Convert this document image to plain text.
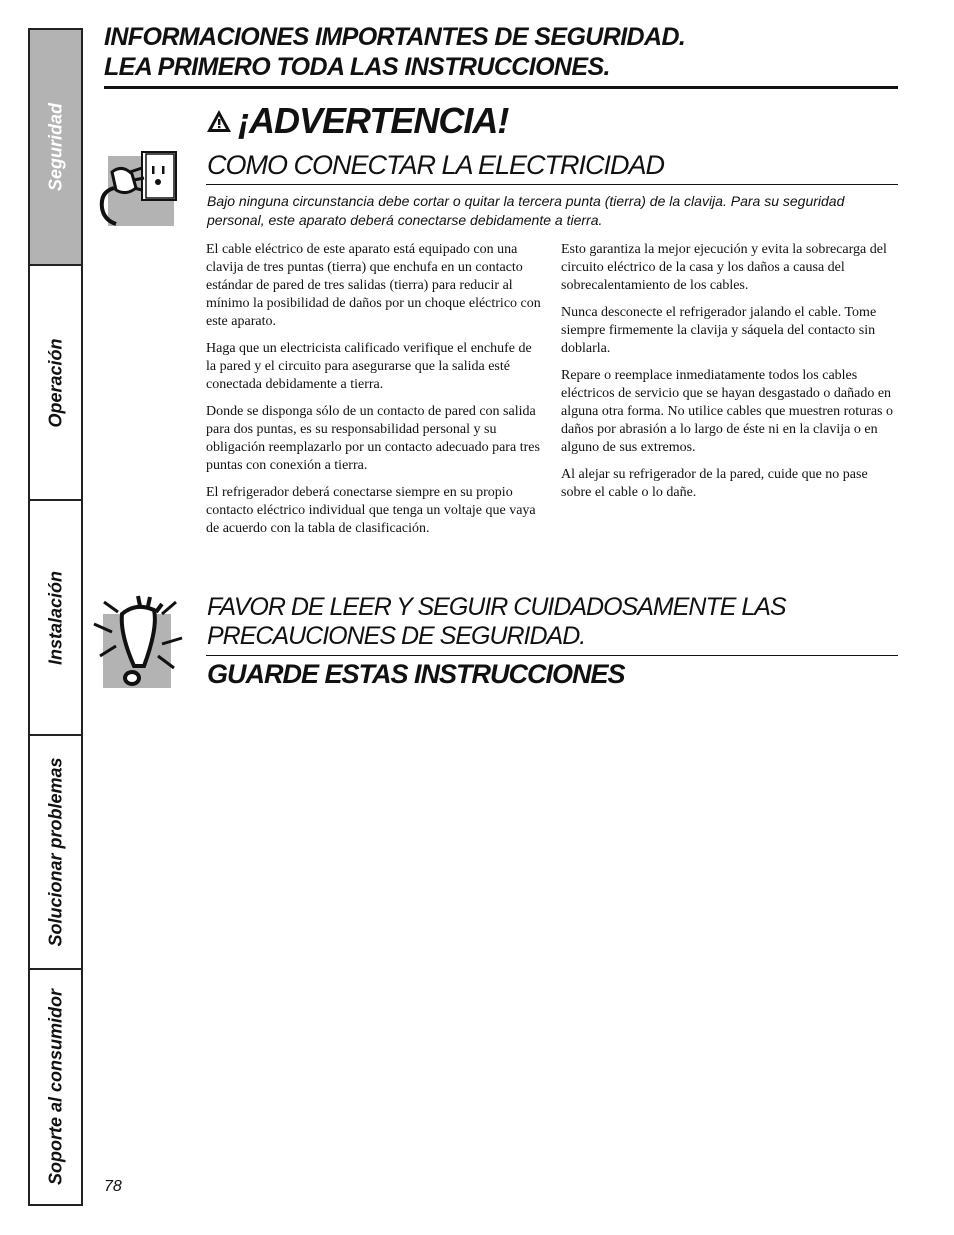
Seguridad
Operación
Instalación
Solucionar problemas
Soporte al consumidor
INFORMACIONES IMPORTANTES DE SEGURIDAD.
LEA PRIMERO TODA LAS INSTRUCCIONES.
¡ADVERTENCIA!
COMO CONECTAR LA ELECTRICIDAD
Bajo ninguna circunstancia debe cortar o quitar la tercera punta (tierra) de la clavija. Para su seguridad personal, este aparato deberá conectarse debidamente a tierra.

El cable eléctrico de este aparato está equipado con una clavija de tres puntas (tierra) que enchufa en un contacto estándar de pared de tres salidas (tierra) para reducir al mínimo la posibilidad de daños por un choque eléctrico con este aparato.

Haga que un electricista calificado verifique el enchufe de la pared y el circuito para asegurarse que la salida esté conectada debidamente a tierra.

Donde se disponga sólo de un contacto de pared con salida para dos puntas, es su responsabilidad personal y su obligación reemplazarlo por un contacto adecuado para tres puntas con conexión a tierra.

El refrigerador deberá conectarse siempre en su propio contacto eléctrico individual que tenga un voltaje que vaya de acuerdo con la tabla de clasificación.

Esto garantiza la mejor ejecución y evita la sobrecarga del circuito eléctrico de la casa y los daños a causa del sobrecalentamiento de los cables.

Nunca desconecte el refrigerador jalando el cable. Tome siempre firmemente la clavija y sáquela del contacto sin doblarla.

Repare o reemplace inmediatamente todos los cables eléctricos de servicio que se hayan desgastado o dañado en alguna otra forma. No utilice cables que muestren roturas o daños por abrasión a lo largo de éste ni en la clavija o en alguno de sus extremos.

Al alejar su refrigerador de la pared, cuide que no pase sobre el cable o lo dañe.

FAVOR DE LEER Y SEGUIR CUIDADOSAMENTE LAS PRECAUCIONES DE SEGURIDAD.
GUARDE ESTAS INSTRUCCIONES
78
